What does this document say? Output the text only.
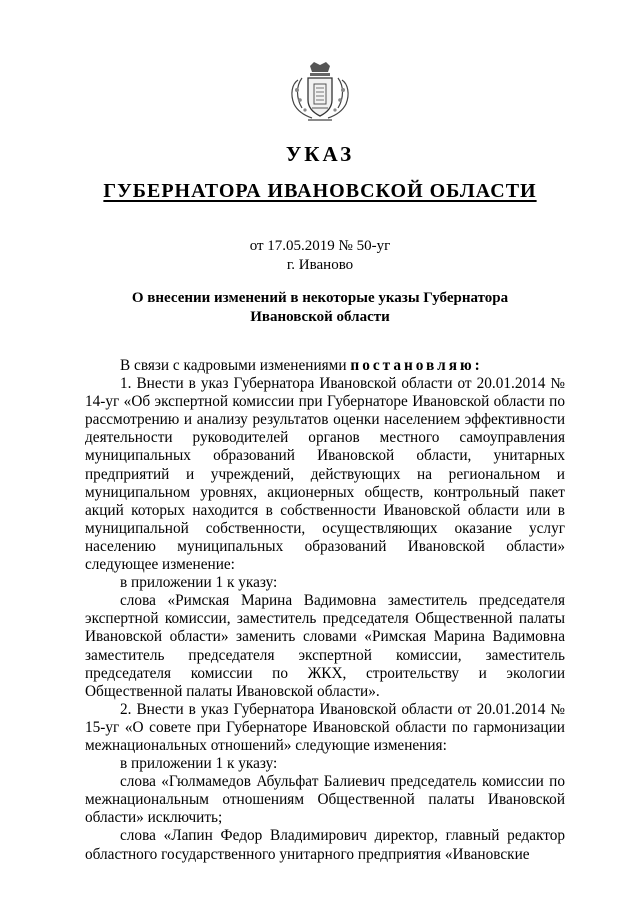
УКАЗ
ГУБЕРНАТОРА ИВАНОВСКОЙ ОБЛАСТИ
от 17.05.2019 № 50-уг
г. Иваново
О внесении изменений в некоторые указы Губернатора
Ивановской области

В связи с кадровыми изменениями постановляю:

1. Внести в указ Губернатора Ивановской области от 20.01.2014 № 14-уг «Об экспертной комиссии при Губернаторе Ивановской области по рассмотрению и анализу результатов оценки населением эффективности деятельности руководителей органов местного самоуправления муниципальных образований Ивановской области, унитарных предприятий и учреждений, действующих на региональном и муниципальном уровнях, акционерных обществ, контрольный пакет акций которых находится в собственности Ивановской области или в муниципальной собственности, осуществляющих оказание услуг населению муниципальных образований Ивановской области» следующее изменение:

в приложении 1 к указу:

слова «Римская Марина Вадимовна заместитель председателя экспертной комиссии, заместитель председателя Общественной палаты Ивановской области» заменить словами «Римская Марина Вадимовна заместитель председателя экспертной комиссии, заместитель председателя комиссии по ЖКХ, строительству и экологии Общественной палаты Ивановской области».

2. Внести в указ Губернатора Ивановской области от 20.01.2014 № 15-уг «О совете при Губернаторе Ивановской области по гармонизации межнациональных отношений» следующие изменения:

в приложении 1 к указу:

слова «Гюлмамедов Абульфат Балиевич председатель комиссии по межнациональным отношениям Общественной палаты Ивановской области» исключить;

слова «Лапин Федор Владимирович директор, главный редактор областного государственного унитарного предприятия «Ивановские
